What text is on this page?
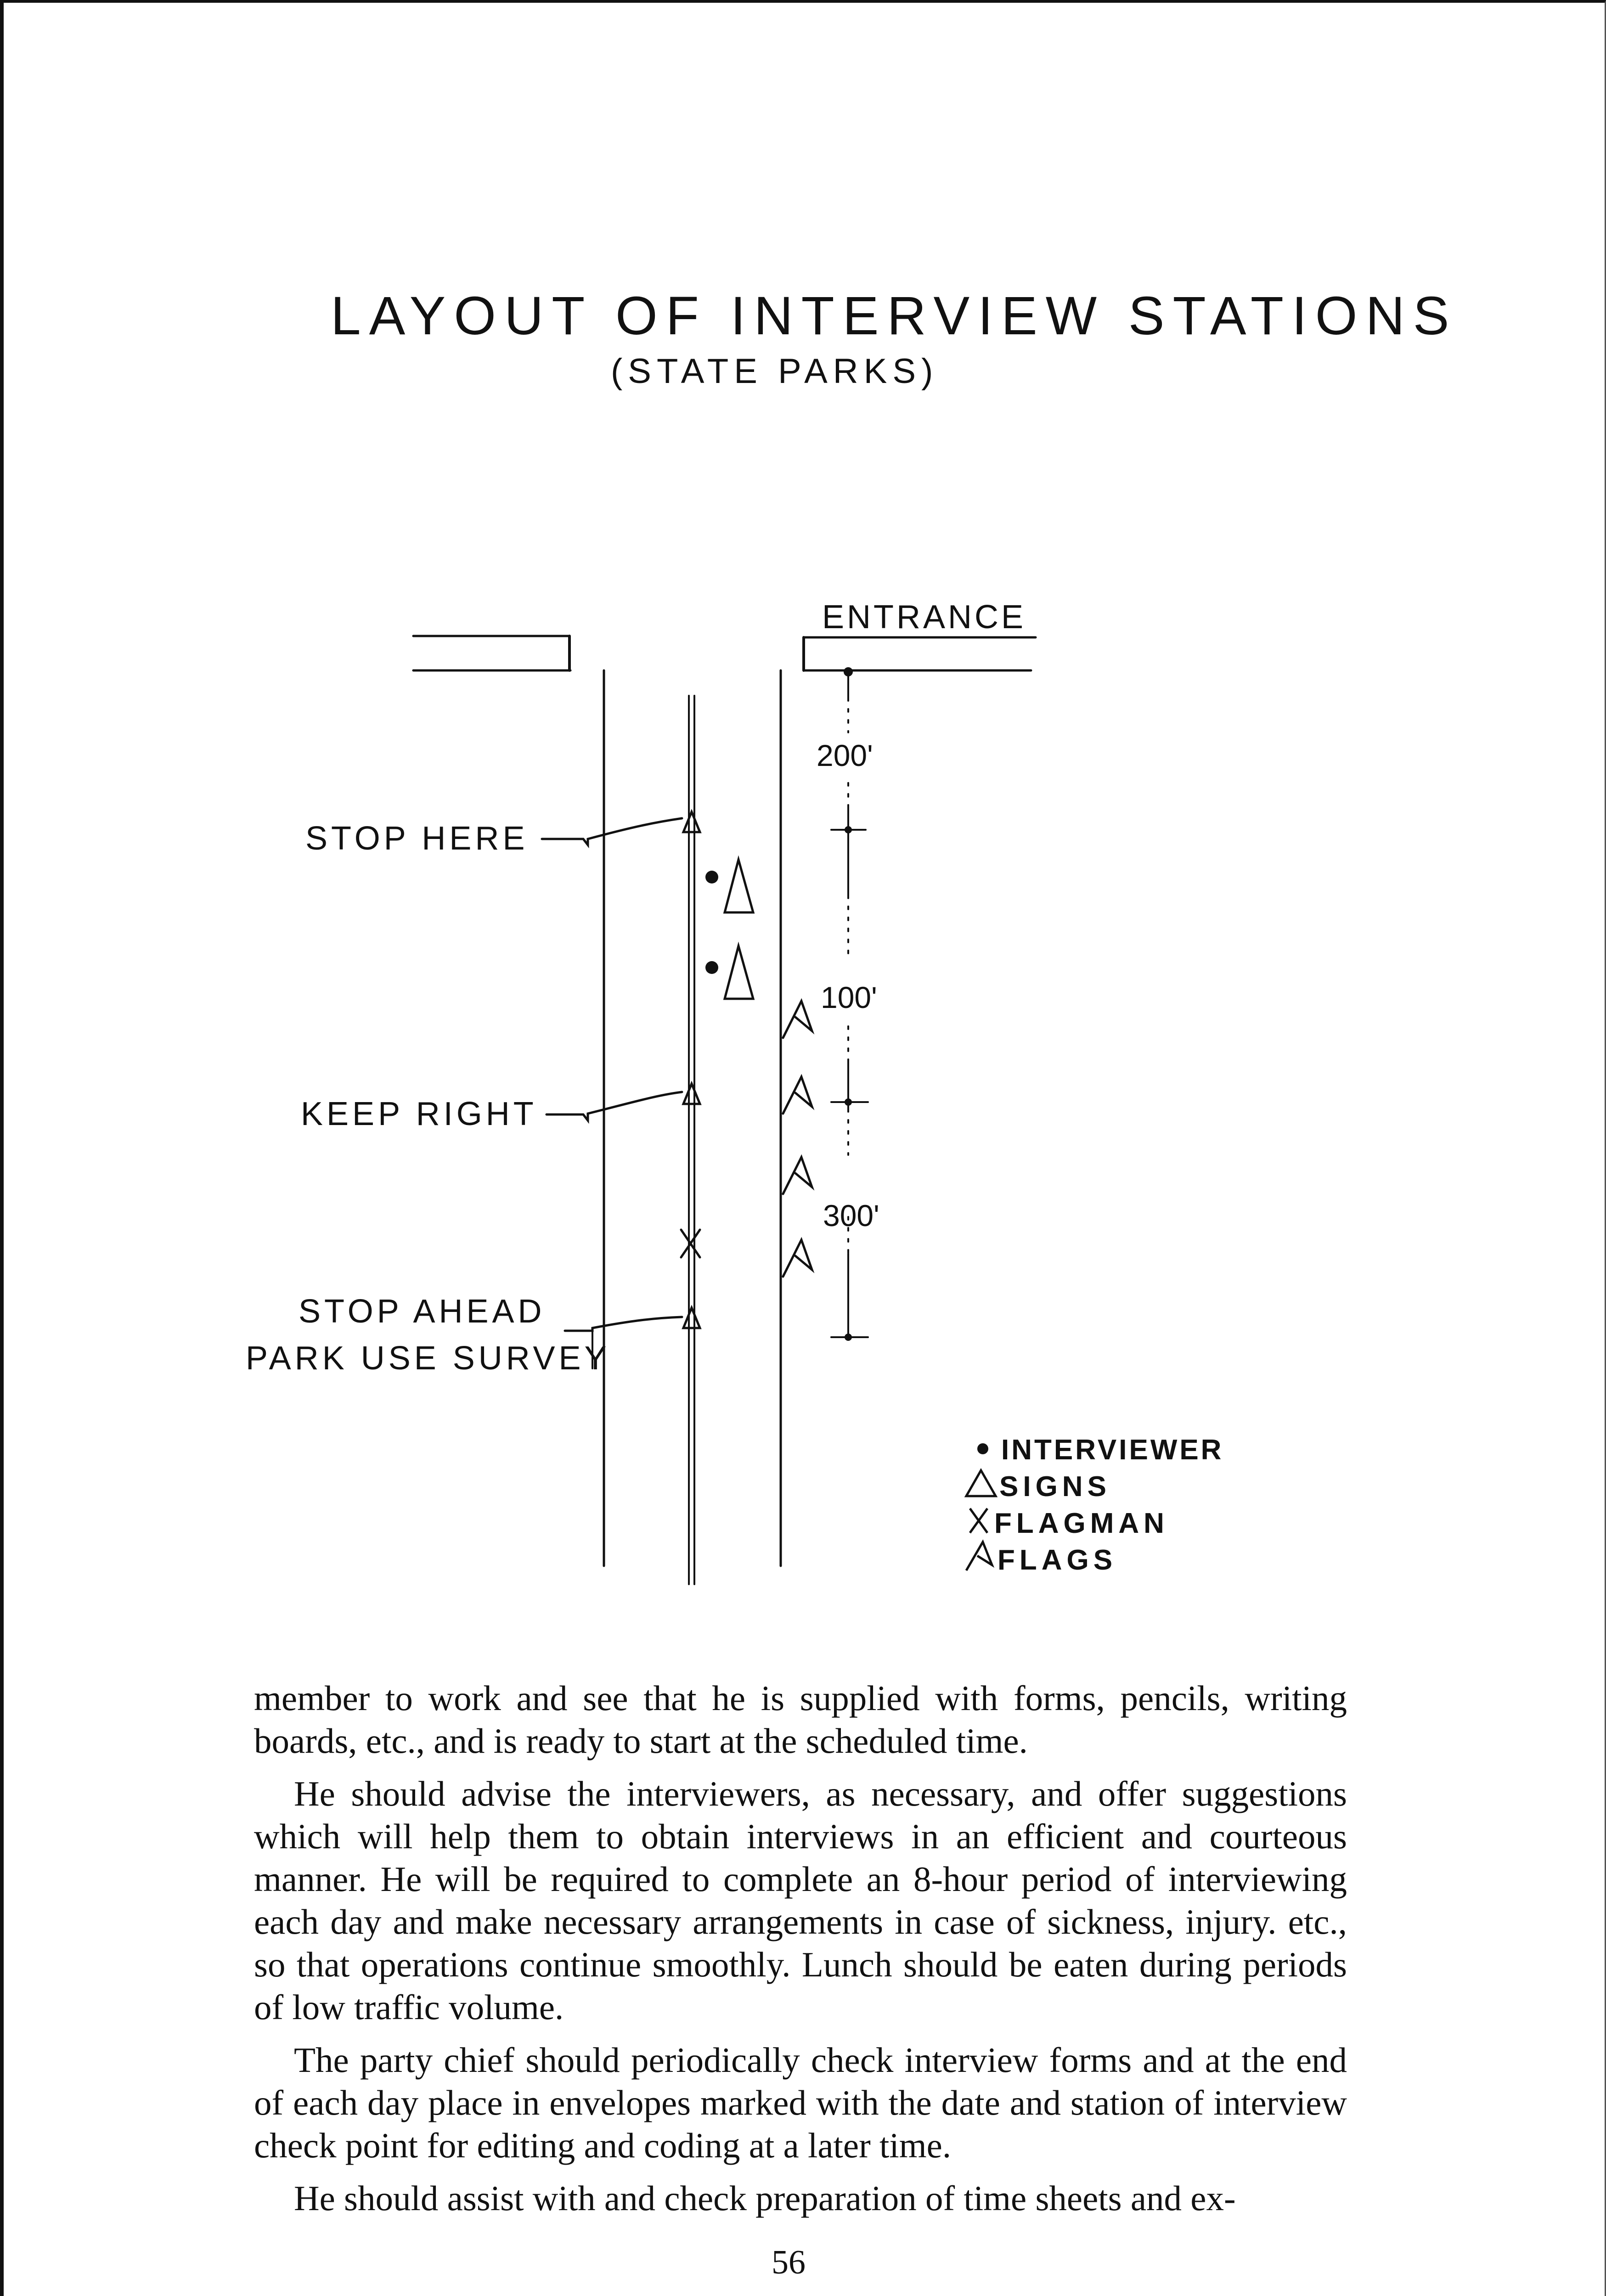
LAYOUT OF INTERVIEW STATIONS
(STATE PARKS)
ENTRANCE
STOP HERE
KEEP RIGHT
STOP AHEAD
PARK USE SURVEY
200'
100'
300'
INTERVIEWER
SIGNS
FLAGMAN
FLAGS

member to work and see that he is supplied with forms, pencils, writing boards, etc., and is ready to start at the scheduled time.

He should advise the interviewers, as necessary, and offer suggestions which will help them to obtain interviews in an efficient and courteous manner. He will be required to complete an 8-hour period of interviewing each day and make necessary arrangements in case of sickness, injury. etc., so that operations continue smoothly. Lunch should be eaten during periods of low traffic volume.

The party chief should periodically check interview forms and at the end of each day place in envelopes marked with the date and station of interview check point for editing and coding at a later time.

He should assist with and check preparation of time sheets and ex-

56
